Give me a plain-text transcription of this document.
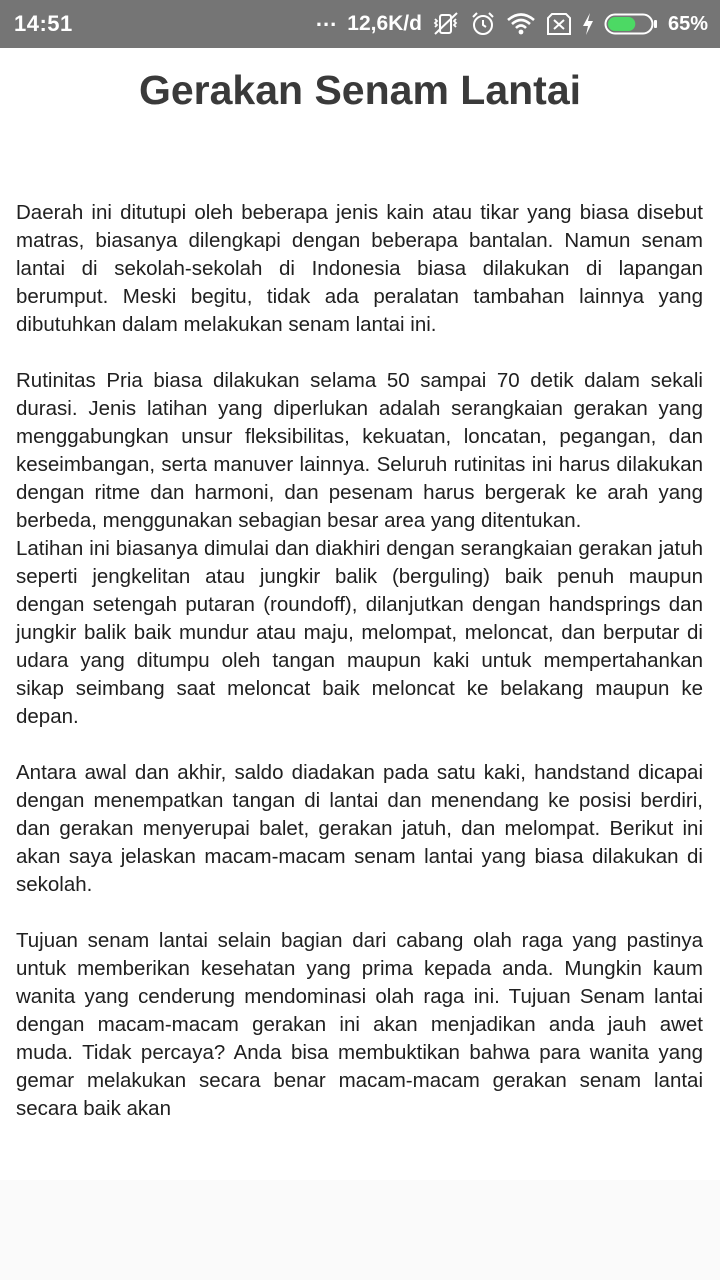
14:51	... 12,6K/d	65%
Gerakan Senam Lantai

Daerah ini ditutupi oleh beberapa jenis kain atau tikar yang biasa disebut matras, biasanya dilengkapi dengan beberapa bantalan. Namun senam lantai di sekolah-sekolah di Indonesia biasa dilakukan di lapangan berumput. Meski begitu, tidak ada peralatan tambahan lainnya yang dibutuhkan dalam melakukan senam lantai ini.

Rutinitas Pria biasa dilakukan selama 50 sampai 70 detik dalam sekali durasi. Jenis latihan yang diperlukan adalah serangkaian gerakan yang menggabungkan unsur fleksibilitas, kekuatan, loncatan, pegangan, dan keseimbangan, serta manuver lainnya. Seluruh rutinitas ini harus dilakukan dengan ritme dan harmoni, dan pesenam harus bergerak ke arah yang berbeda, menggunakan sebagian besar area yang ditentukan.

Latihan ini biasanya dimulai dan diakhiri dengan serangkaian gerakan jatuh seperti jengkelitan atau jungkir balik (berguling) baik penuh maupun dengan setengah putaran (roundoff), dilanjutkan dengan handsprings dan jungkir balik baik mundur atau maju, melompat, meloncat, dan berputar di udara yang ditumpu oleh tangan maupun kaki untuk mempertahankan sikap seimbang saat meloncat baik meloncat ke belakang maupun ke depan.

Antara awal dan akhir, saldo diadakan pada satu kaki, handstand dicapai dengan menempatkan tangan di lantai dan menendang ke posisi berdiri, dan gerakan menyerupai balet, gerakan jatuh, dan melompat. Berikut ini akan saya jelaskan macam-macam senam lantai yang biasa dilakukan di sekolah.

Tujuan senam lantai selain bagian dari cabang olah raga yang pastinya untuk memberikan kesehatan yang prima kepada anda. Mungkin kaum wanita yang cenderung mendominasi olah raga ini. Tujuan Senam lantai dengan macam-macam gerakan ini akan menjadikan anda jauh awet muda. Tidak percaya? Anda bisa membuktikan bahwa para wanita yang gemar melakukan secara benar macam-macam gerakan senam lantai secara baik akan
